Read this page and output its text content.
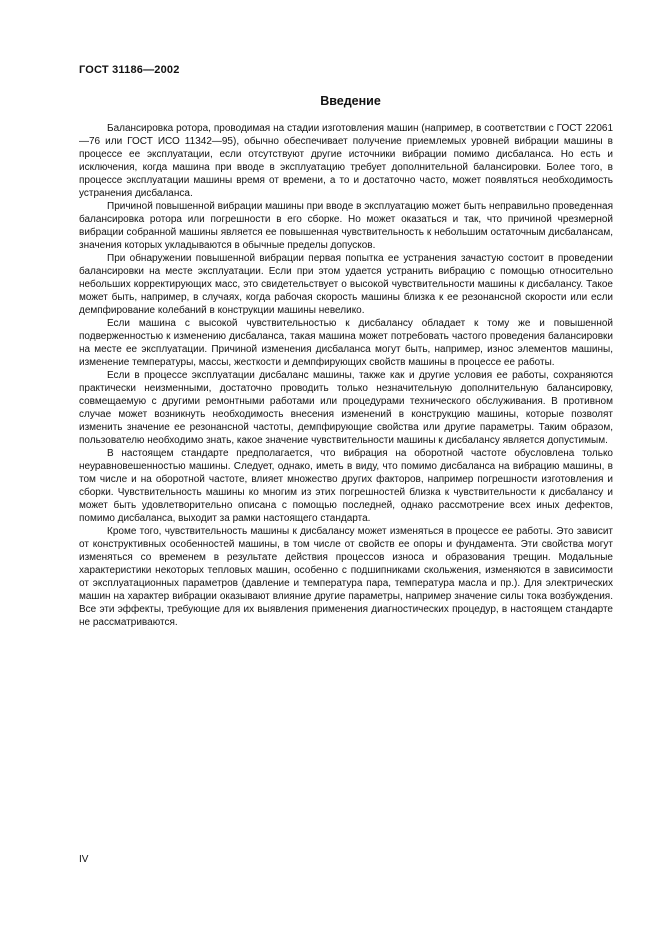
ГОСТ 31186—2002
Введение

Балансировка ротора, проводимая на стадии изготовления машин (например, в соответствии с ГОСТ 22061—76 или ГОСТ ИСО 11342—95), обычно обеспечивает получение приемлемых уровней вибрации машины в процессе ее эксплуатации, если отсутствуют другие источники вибрации помимо дисбаланса. Но есть и исключения, когда машина при вводе в эксплуатацию требует дополнительной балансировки. Более того, в процессе эксплуатации машины время от времени, а то и достаточно часто, может появляться необходимость устранения дисбаланса.

Причиной повышенной вибрации машины при вводе в эксплуатацию может быть неправильно проведенная балансировка ротора или погрешности в его сборке. Но может оказаться и так, что причиной чрезмерной вибрации собранной машины является ее повышенная чувствительность к небольшим остаточным дисбалансам, значения которых укладываются в обычные пределы допусков.

При обнаружении повышенной вибрации первая попытка ее устранения зачастую состоит в проведении балансировки на месте эксплуатации. Если при этом удается устранить вибрацию с помощью относительно небольших корректирующих масс, это свидетельствует о высокой чувствительности машины к дисбалансу. Такое может быть, например, в случаях, когда рабочая скорость машины близка к ее резонансной скорости или если демпфирование колебаний в конструкции машины невелико.

Если машина с высокой чувствительностью к дисбалансу обладает к тому же и повышенной подверженностью к изменению дисбаланса, такая машина может потребовать частого проведения балансировки на месте ее эксплуатации. Причиной изменения дисбаланса могут быть, например, износ элементов машины, изменение температуры, массы, жесткости и демпфирующих свойств машины в процессе ее работы.

Если в процессе эксплуатации дисбаланс машины, также как и другие условия ее работы, сохраняются практически неизменными, достаточно проводить только незначительную дополнительную балансировку, совмещаемую с другими ремонтными работами или процедурами технического обслуживания. В противном случае может возникнуть необходимость внесения изменений в конструкцию машины, которые позволят изменить значение ее резонансной частоты, демпфирующие свойства или другие параметры. Таким образом, пользователю необходимо знать, какое значение чувствительности машины к дисбалансу является допустимым.

В настоящем стандарте предполагается, что вибрация на оборотной частоте обусловлена только неуравновешенностью машины. Следует, однако, иметь в виду, что помимо дисбаланса на вибрацию машины, в том числе и на оборотной частоте, влияет множество других факторов, например погрешности изготовления и сборки. Чувствительность машины ко многим из этих погрешностей близка к чувствительности к дисбалансу и может быть удовлетворительно описана с помощью последней, однако рассмотрение всех иных дефектов, помимо дисбаланса, выходит за рамки настоящего стандарта.

Кроме того, чувствительность машины к дисбалансу может изменяться в процессе ее работы. Это зависит от конструктивных особенностей машины, в том числе от свойств ее опоры и фундамента. Эти свойства могут изменяться со временем в результате действия процессов износа и образования трещин. Модальные характеристики некоторых тепловых машин, особенно с подшипниками скольжения, изменяются в зависимости от эксплуатационных параметров (давление и температура пара, температура масла и пр.). Для электрических машин на характер вибрации оказывают влияние другие параметры, например значение силы тока возбуждения. Все эти эффекты, требующие для их выявления применения диагностических процедур, в настоящем стандарте не рассматриваются.

IV
